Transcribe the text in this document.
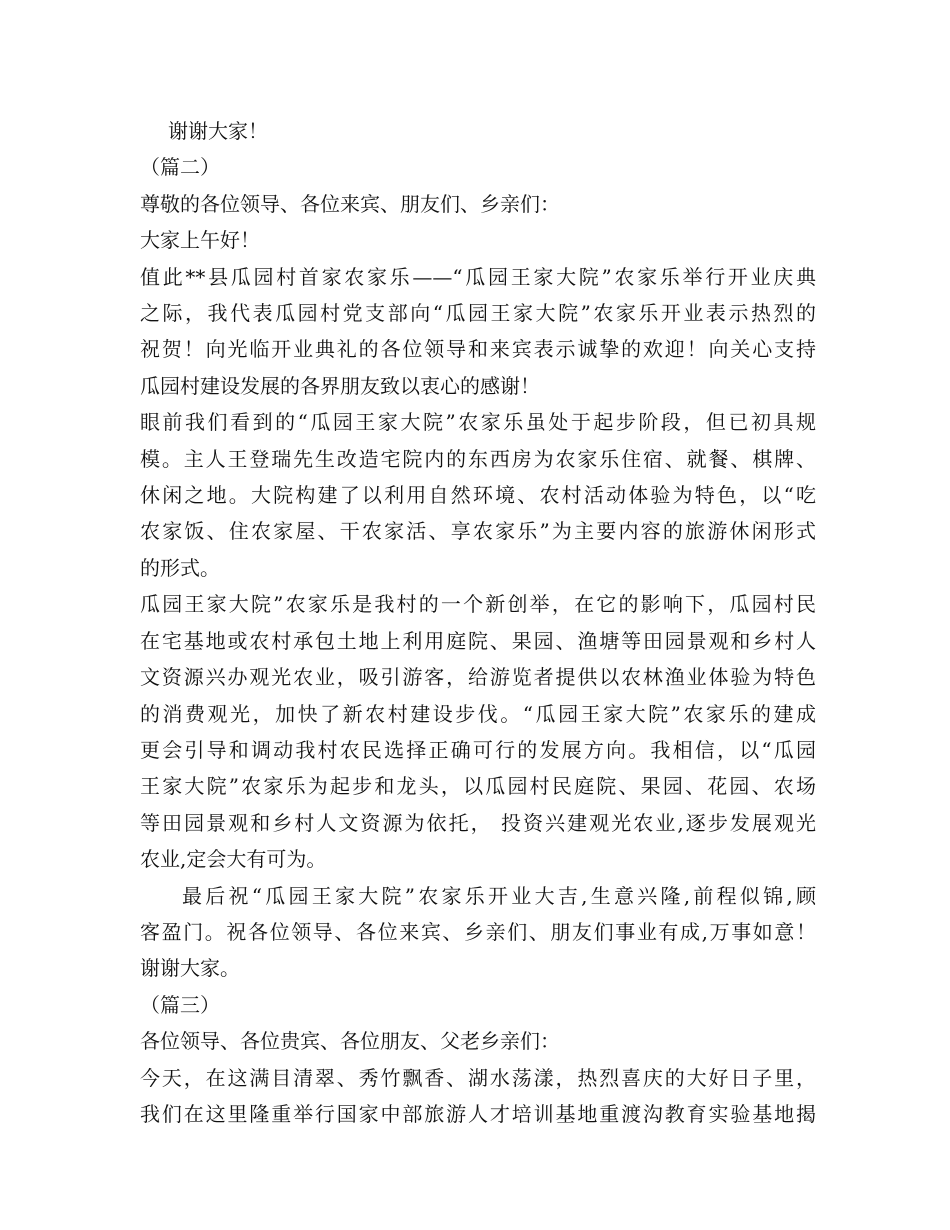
谢谢大家！

（篇二）

尊敬的各位领导、各位来宾、朋友们、乡亲们：

大家上午好！

值此**县瓜园村首家农家乐——“瓜园王家大院”农家乐举行开业庆典
之际，我代表瓜园村党支部向“瓜园王家大院”农家乐开业表示热烈的
祝贺！向光临开业典礼的各位领导和来宾表示诚挚的欢迎！向关心支持
瓜园村建设发展的各界朋友致以衷心的感谢！

眼前我们看到的“瓜园王家大院”农家乐虽处于起步阶段，但已初具规
模。主人王登瑞先生改造宅院内的东西房为农家乐住宿、就餐、棋牌、
休闲之地。大院构建了以利用自然环境、农村活动体验为特色，以“吃
农家饭、住农家屋、干农家活、享农家乐”为主要内容的旅游休闲形式
的形式。

瓜园王家大院”农家乐是我村的一个新创举，在它的影响下，瓜园村民
在宅基地或农村承包土地上利用庭院、果园、渔塘等田园景观和乡村人
文资源兴办观光农业，吸引游客，给游览者提供以农林渔业体验为特色
的消费观光，加快了新农村建设步伐。“瓜园王家大院”农家乐的建成
更会引导和调动我村农民选择正确可行的发展方向。我相信，以“瓜园
王家大院”农家乐为起步和龙头，以瓜园村民庭院、果园、花园、农场
等田园景观和乡村人文资源为依托， 投资兴建观光农业,逐步发展观光
农业,定会大有可为。

最后祝“瓜园王家大院”农家乐开业大吉,生意兴隆,前程似锦,顾
客盈门。祝各位领导、各位来宾、乡亲们、朋友们事业有成,万事如意！
谢谢大家。

（篇三）

各位领导、各位贵宾、各位朋友、父老乡亲们：

今天，在这满目清翠、秀竹飘香、湖水荡漾，热烈喜庆的大好日子里，
我们在这里隆重举行国家中部旅游人才培训基地重渡沟教育实验基地揭
